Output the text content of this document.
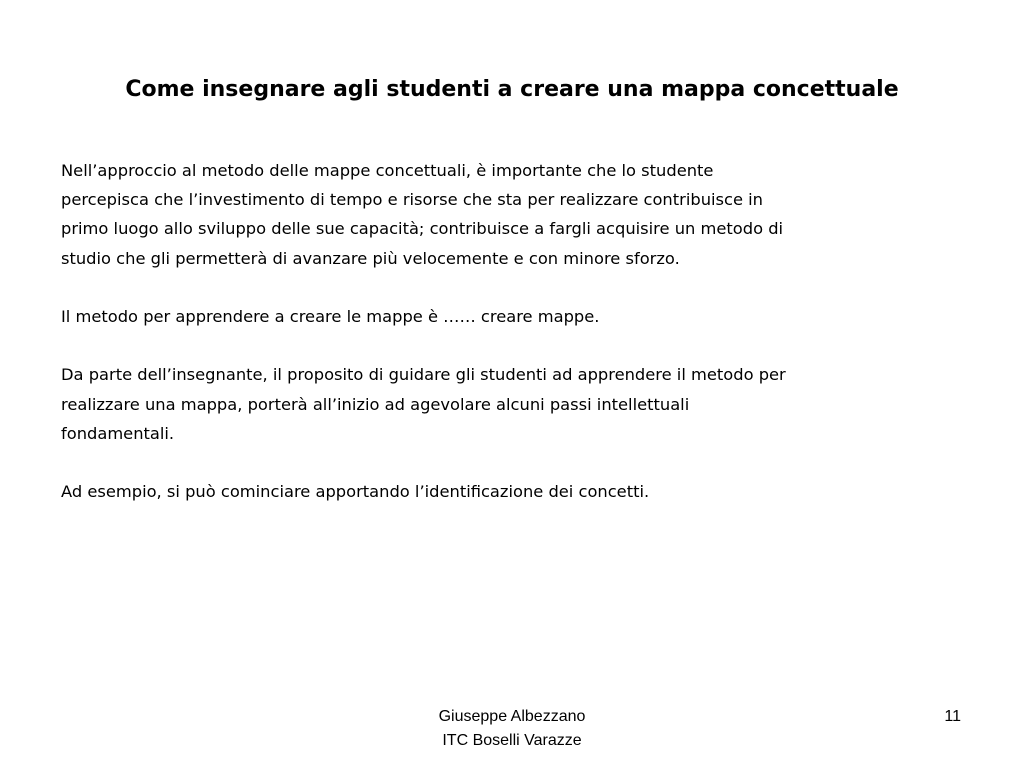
Come insegnare agli studenti a creare una mappa concettuale

Nell’approccio al metodo delle mappe concettuali, è importante che lo studente
percepisca che l’investimento di tempo e risorse che sta per realizzare contribuisce in
primo luogo allo sviluppo delle sue capacità; contribuisce a fargli acquisire un metodo di
studio che gli permetterà di avanzare più velocemente e con minore sforzo.

Il metodo per apprendere a creare le mappe è …… creare mappe.

Da parte dell’insegnante, il proposito di guidare gli studenti ad apprendere il metodo per
realizzare una mappa, porterà all’inizio ad agevolare alcuni passi intellettuali
fondamentali.

Ad esempio, si può cominciare apportando l’identificazione dei concetti.

Giuseppe Albezzano
ITC Boselli Varazze
11
